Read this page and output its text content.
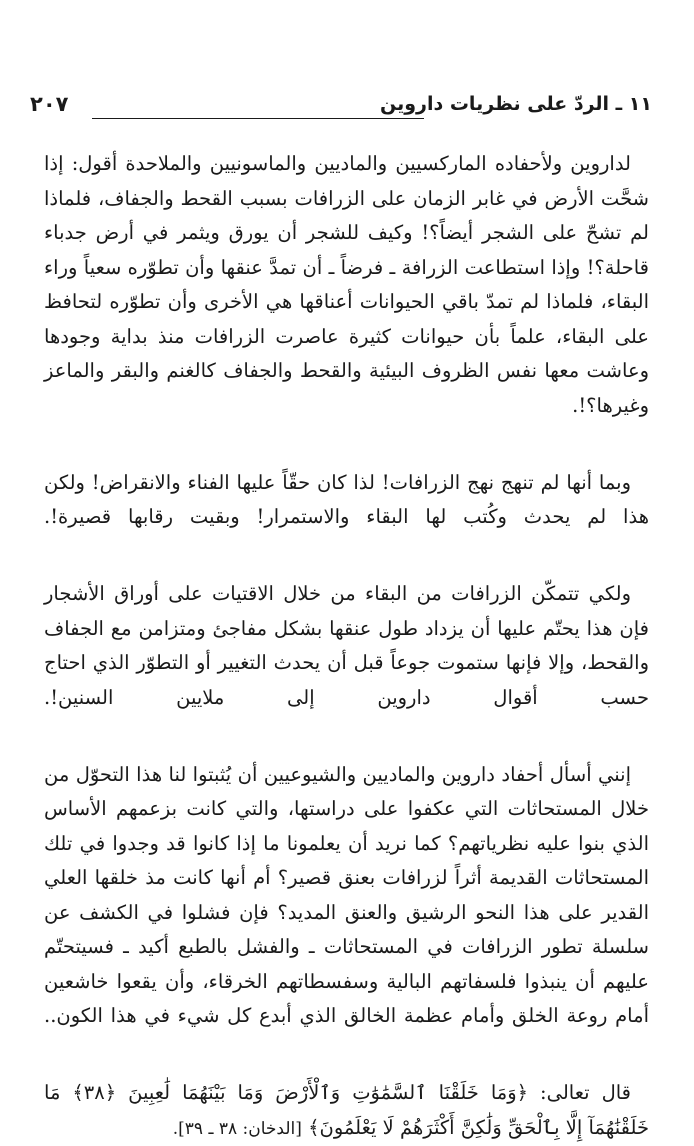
١١ ـ الردّ على نظريات داروين
٢٠٧

لداروين ولأحفاده الماركسيين والماديين والماسونيين والملاحدة أقول: إذا شحَّت الأرض في غابر الزمان على الزرافات بسبب القحط والجفاف، فلماذا لم تشحّ على الشجر أيضاً؟! وكيف للشجر أن يورق ويثمر في أرض جدباء قاحلة؟! وإذا استطاعت الزرافة ـ فرضاً ـ أن تمدَّ عنقها وأن تطوّره سعياً وراء البقاء، فلماذا لم تمدّ باقي الحيوانات أعناقها هي الأخرى وأن تطوّره لتحافظ على البقاء، علماً بأن حيوانات كثيرة عاصرت الزرافات منذ بداية وجودها وعاشت معها نفس الظروف البيئية والقحط والجفاف كالغنم والبقر والماعز وغيرها؟!.

وبما أنها لم تنهج نهج الزرافات! لذا كان حقّاً عليها الفناء والانقراض! ولكن هذا لم يحدث وكُتب لها البقاء والاستمرار! وبقيت رقابها قصيرة!.

ولكي تتمكّن الزرافات من البقاء من خلال الاقتيات على أوراق الأشجار فإن هذا يحتّم عليها أن يزداد طول عنقها بشكل مفاجئ ومتزامن مع الجفاف والقحط، وإلا فإنها ستموت جوعاً قبل أن يحدث التغيير أو التطوّر الذي احتاج حسب أقوال داروين إلى ملايين السنين!.

إنني أسأل أحفاد داروين والماديين والشيوعيين أن يُثبتوا لنا هذا التحوّل من خلال المستحاثات التي عكفوا على دراستها، والتي كانت بزعمهم الأساس الذي بنوا عليه نظرياتهم؟ كما نريد أن يعلمونا ما إذا كانوا قد وجدوا في تلك المستحاثات القديمة أثراً لزرافات بعنق قصير؟ أم أنها كانت مذ خلقها العلي القدير على هذا النحو الرشيق والعنق المديد؟ فإن فشلوا في الكشف عن سلسلة تطور الزرافات في المستحاثات ـ والفشل بالطبع أكيد ـ فسيتحتّم عليهم أن ينبذوا فلسفاتهم البالية وسفسطاتهم الخرقاء، وأن يقعوا خاشعين أمام روعة الخلق وأمام عظمة الخالق الذي أبدع كل شيء في هذا الكون..

قال تعالى: ﴿وَمَا خَلَقْنَا ٱلسَّمَٰوَٰتِ وَٱلْأَرْضَ وَمَا بَيْنَهُمَا لَٰعِبِينَ ﴿٣٨﴾ مَا خَلَقْنَٰهُمَآ إِلَّا بِٱلْحَقِّ وَلَٰكِنَّ أَكْثَرَهُمْ لَا يَعْلَمُونَ﴾ [الدخان: ٣٨ ـ ٣٩].
